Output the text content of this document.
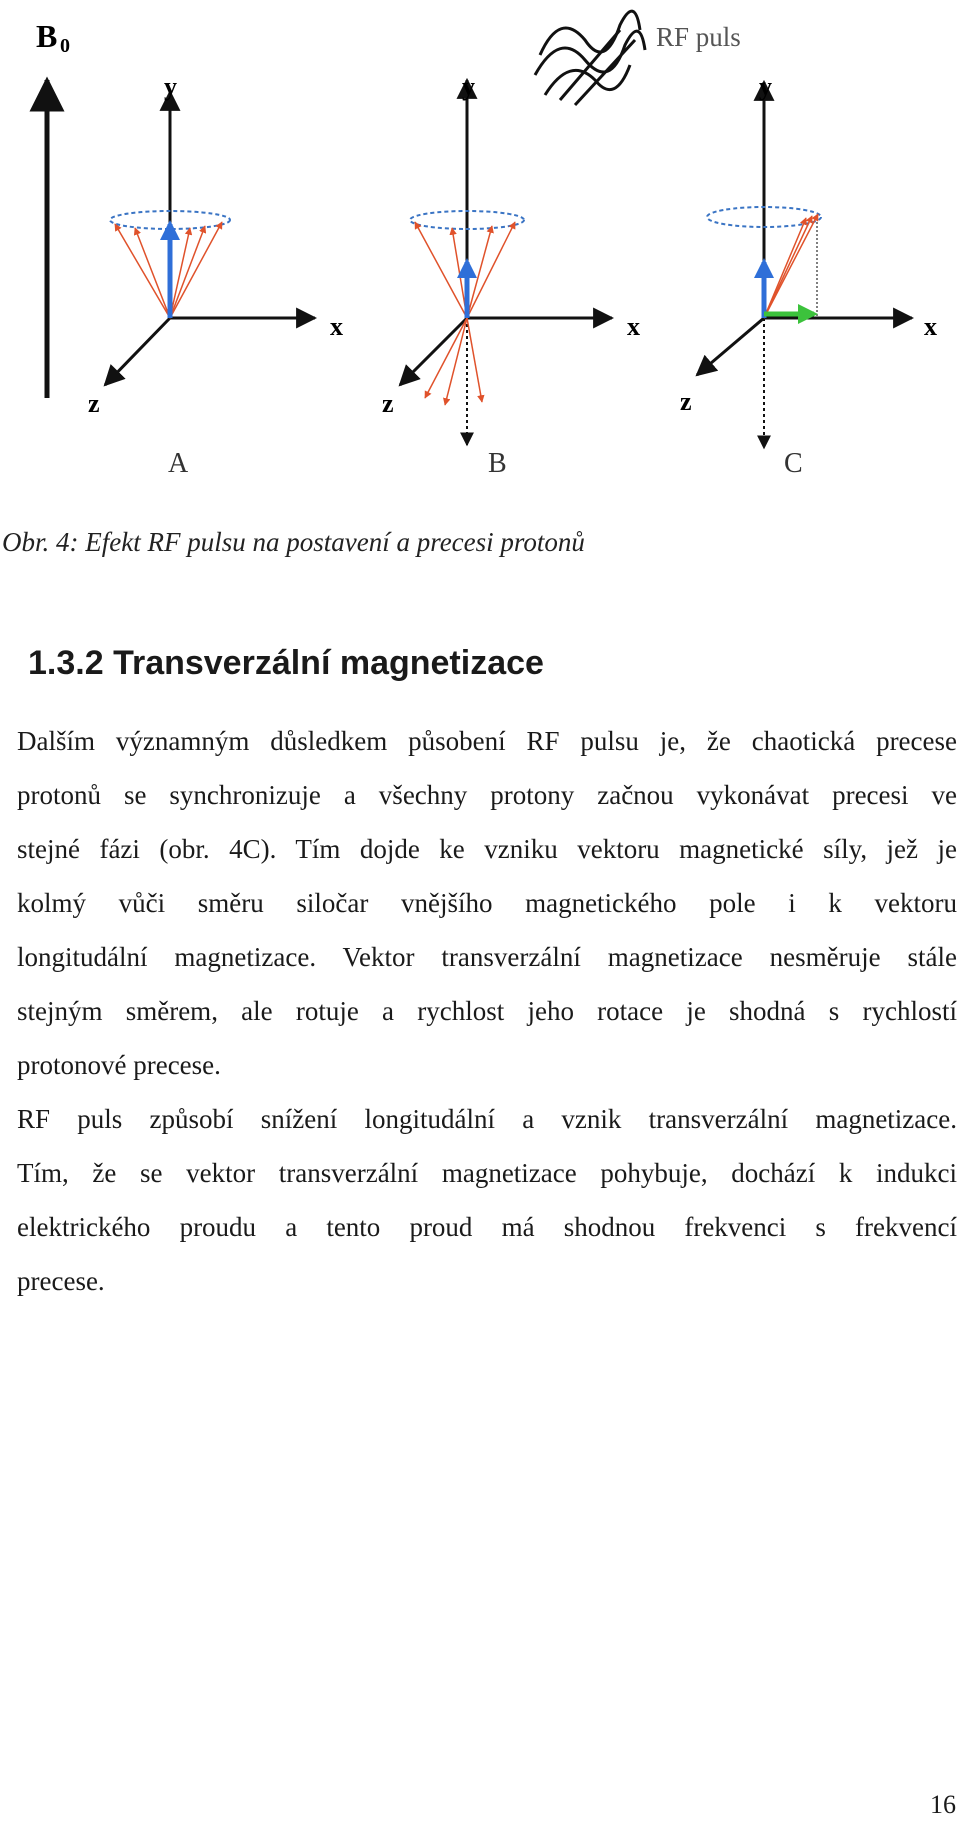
B 0	RF puls
y
x
z
A
y
x
z
B
y
x
z
C
Obr. 4: Efekt RF pulsu na postavení a precesi protonů
1.3.2 Transverzální magnetizace
Dalším významným důsledkem působení RF pulsu je, že chaotická precese
protonů se synchronizuje a všechny protony začnou vykonávat precesi ve
stejné fázi (obr. 4C). Tím dojde ke vzniku vektoru magnetické síly, jež je
kolmý vůči směru siločar vnějšího magnetického pole i k vektoru
longitudální magnetizace. Vektor transverzální magnetizace nesměruje stále
stejným směrem, ale rotuje a rychlost jeho rotace je shodná s rychlostí
protonové precese.
RF puls způsobí snížení longitudální a vznik transverzální magnetizace.
Tím, že se vektor transverzální magnetizace pohybuje, dochází k indukci
elektrického proudu a tento proud má shodnou frekvenci s frekvencí
precese.
16
